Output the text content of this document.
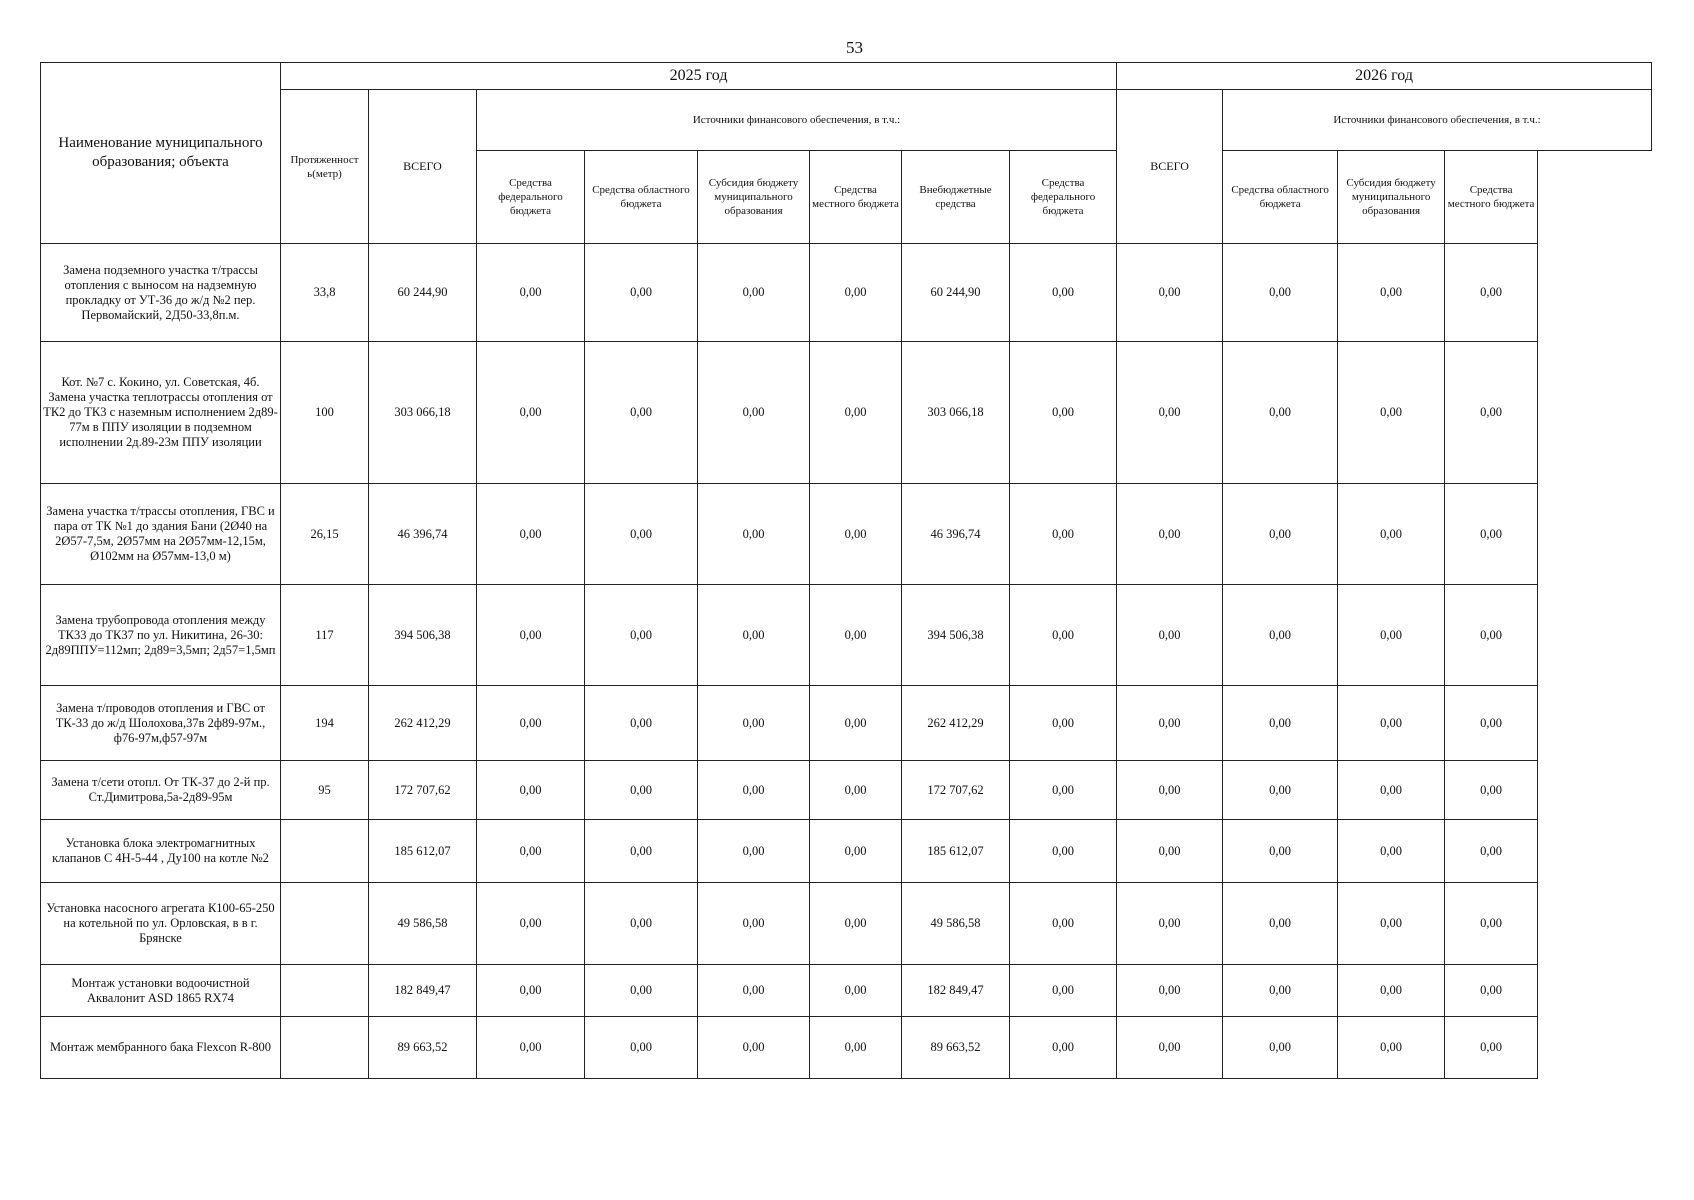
53
Наименование муниципального образования; объекта	2025 год								2026 год			
	Протяженност ь(метр)	ВСЕГО	Источники финансового обеспечения, в т.ч.:						ВСЕГО	Источники финансового обеспечения, в т.ч.:		
			Средства федерального бюджета	Средства областного бюджета	Субсидия бюджету муниципального образования	Средства местного бюджета	Внебюджетные средства	Средства федерального бюджета		Средства областного бюджета	Субсидия бюджету муниципального образования	Средства местного бюджета
Замена подземного участка т/трассы отопления с выносом на надземную прокладку от УТ-36 до ж/д №2 пер. Первомайский, 2Д50-33,8п.м.	33,8	60 244,90	0,00	0,00	0,00	0,00	60 244,90	0,00	0,00	0,00	0,00	0,00
Кот. №7 с. Кокино, ул. Советская, 4б. Замена участка теплотрассы отопления от ТК2 до ТК3 с наземным исполнением 2д89-77м в ППУ изоляции в подземном исполнении 2д.89-23м ППУ изоляции	100	303 066,18	0,00	0,00	0,00	0,00	303 066,18	0,00	0,00	0,00	0,00	0,00
Замена участка т/трассы отопления, ГВС и пара от ТК №1 до здания Бани (2Ø40 на 2Ø57-7,5м, 2Ø57мм на 2Ø57мм-12,15м, Ø102мм на Ø57мм-13,0 м)	26,15	46 396,74	0,00	0,00	0,00	0,00	46 396,74	0,00	0,00	0,00	0,00	0,00
Замена трубопровода отопления между ТК33 до ТК37 по ул. Никитина, 26-30: 2д89ППУ=112мп; 2д89=3,5мп; 2д57=1,5мп	117	394 506,38	0,00	0,00	0,00	0,00	394 506,38	0,00	0,00	0,00	0,00	0,00
Замена т/проводов отопления и ГВС от ТК-33 до ж/д Шолохова,37в 2ф89-97м., ф76-97м,ф57-97м	194	262 412,29	0,00	0,00	0,00	0,00	262 412,29	0,00	0,00	0,00	0,00	0,00
Замена т/сети отопл. От ТК-37 до 2-й пр. Ст.Димитрова,5а-2д89-95м	95	172 707,62	0,00	0,00	0,00	0,00	172 707,62	0,00	0,00	0,00	0,00	0,00
Установка блока электромагнитных клапанов С 4Н-5-44 , Ду100 на котле №2		185 612,07	0,00	0,00	0,00	0,00	185 612,07	0,00	0,00	0,00	0,00	0,00
Установка насосного агрегата К100-65-250 на котельной по ул. Орловская, в в г. Брянске		49 586,58	0,00	0,00	0,00	0,00	49 586,58	0,00	0,00	0,00	0,00	0,00
Монтаж установки водоочистной Аквалонит ASD 1865 RX74		182 849,47	0,00	0,00	0,00	0,00	182 849,47	0,00	0,00	0,00	0,00	0,00
Монтаж мембранного бака Flexcon R-800		89 663,52	0,00	0,00	0,00	0,00	89 663,52	0,00	0,00	0,00	0,00	0,00
